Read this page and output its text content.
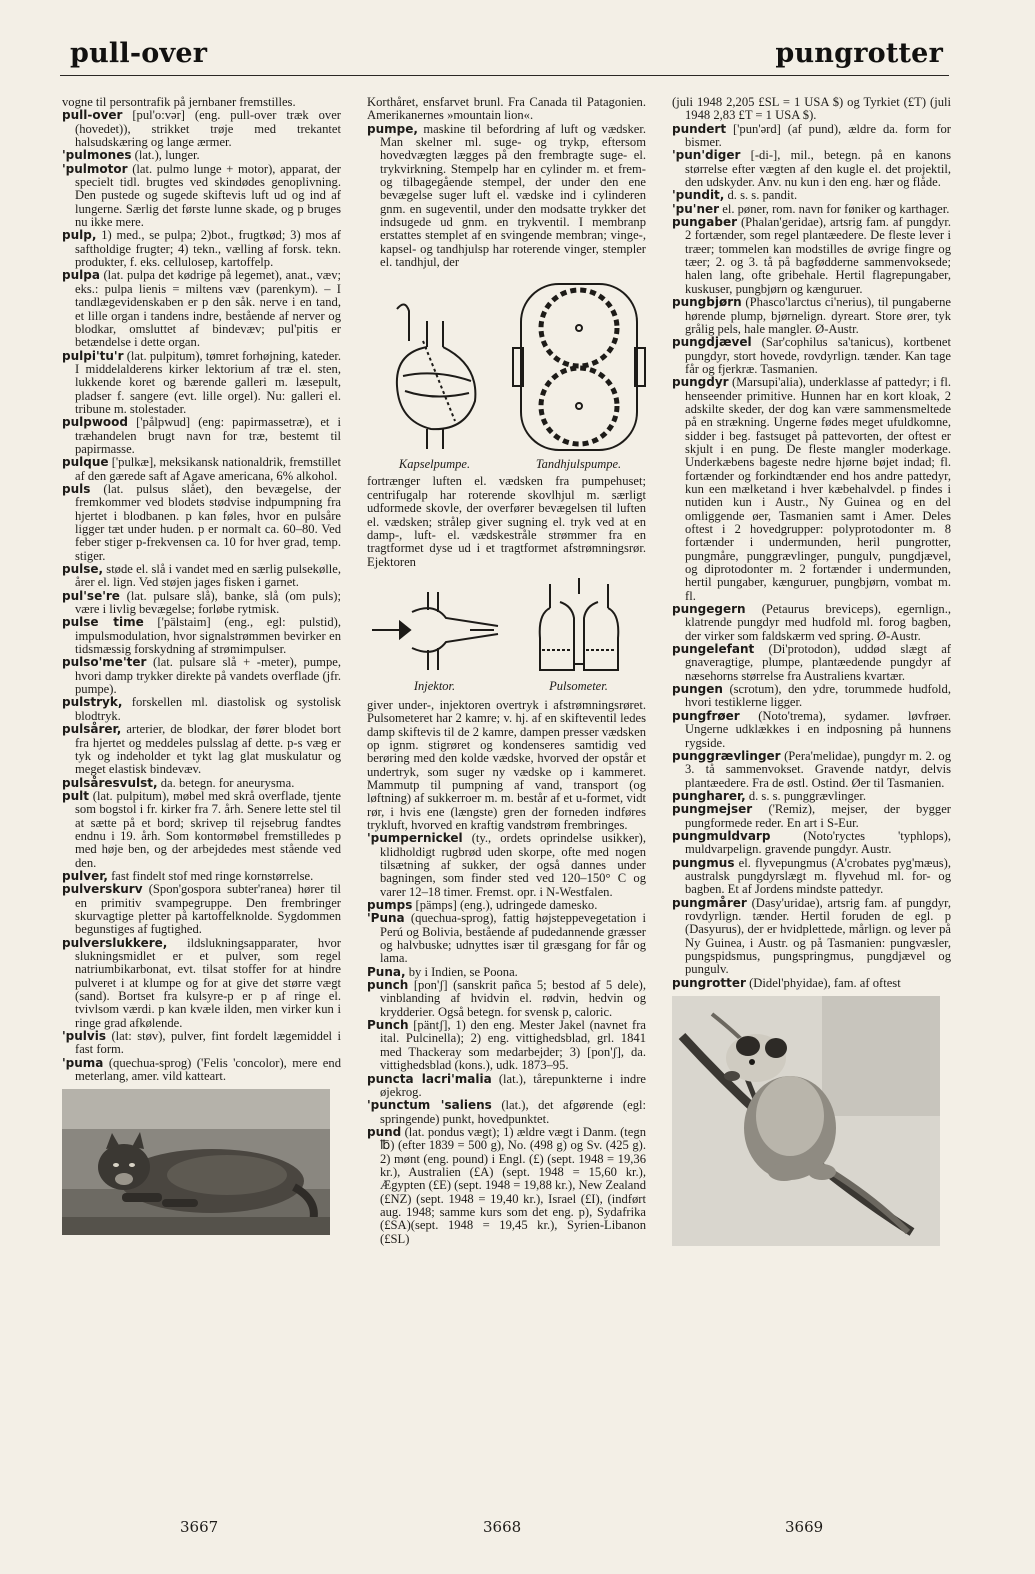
pull-over	pungrotter
vogne til persontrafik på jernbaner fremstilles.
pull-over [pul'o:vər] (eng. pull-over træk over (hovedet)), strikket trøje med trekantet halsudskæring og lange ærmer.
'pulmones (lat.), lunger.
'pulmotor (lat. pulmo lunge + motor), apparat, der specielt tidl. brugtes ved skindødes genoplivning. Den pustede og sugede skiftevis luft ud og ind af lungerne. Særlig det første lunne skade, og p bruges nu ikke mere.
pulp, 1) med., se pulpa; 2)bot., frugtkød; 3) mos af saftholdige frugter; 4) tekn., vælling af forsk. tekn. produkter, f. eks. cellulosep, kartoffelp.
pulpa (lat. pulpa det kødrige på legemet), anat., væv; eks.: pulpa lienis = miltens væv (parenkym). – I tandlægevidenskaben er p den såk. nerve i en tand, et lille organ i tandens indre, bestående af nerver og blodkar, omsluttet af bindevæv; pul'pitis er betændelse i dette organ.
pulpi'tu'r (lat. pulpitum), tømret forhøjning, kateder. I middelalderens kirker lektorium af træ el. sten, lukkende koret og bærende galleri m. læsepult, pladser f. sangere (evt. lille orgel). Nu: galleri el. tribune m. stolestader.
pulpwood ['pålpwud] (eng: papirmassetræ), et i træhandelen brugt navn for træ, bestemt til papirmasse.
pulque ['pulkæ], meksikansk nationaldrik, fremstillet af den gærede saft af Agave americana, 6% alkohol.
puls (lat. pulsus slået), den bevægelse, der fremkommer ved blodets stødvise indpumpning fra hjertet i blodbanen. p kan føles, hvor en pulsåre ligger tæt under huden. p er normalt ca. 60–80. Ved feber stiger p-frekvensen ca. 10 for hver grad, temp. stiger.
pulse, støde el. slå i vandet med en særlig pulsekølle, årer el. lign. Ved støjen jages fisken i garnet.
pul'se're (lat. pulsare slå), banke, slå (om puls); være i livlig bevægelse; forløbe rytmisk.
pulse time ['pälstaim] (eng., egl: pulstid), impulsmodulation, hvor signalstrømmen bevirker en tidsmæssig forskydning af strømimpulser.
pulso'me'ter (lat. pulsare slå + -meter), pumpe, hvori damp trykker direkte på vandets overflade (jfr. pumpe).
pulstryk, forskellen ml. diastolisk og systolisk blodtryk.
pulsårer, arterier, de blodkar, der fører blodet bort fra hjertet og meddeles pulsslag af dette. p-s væg er tyk og indeholder et tykt lag glat muskulatur og meget elastisk bindevæv.
pulsåresvulst, da. betegn. for aneurysma.
pult (lat. pulpitum), møbel med skrå overflade, tjente som bogstol i fr. kirker fra 7. årh. Senere lette stel til at sætte på et bord; skrivep til rejsebrug fandtes endnu i 19. årh. Som kontormøbel fremstilledes p med høje ben, og der arbejdedes mest stående ved den.
pulver, fast findelt stof med ringe kornstørrelse.
pulverskurv (Spon'gospora subter'ranea) hører til en primitiv svampegruppe. Den frembringer skurvagtige pletter på kartoffelknolde. Sygdommen begunstiges af fugtighed.
pulverslukkere, ildslukningsapparater, hvor slukningsmidlet er et pulver, som regel natriumbikarbonat, evt. tilsat stoffer for at hindre pulveret i at klumpe og for at give det større vægt (sand). Bortset fra kulsyre-p er p af ringe el. tvivlsom værdi. p kan kvæle ilden, men virker kun i ringe grad afkølende.
'pulvis (lat: støv), pulver, fint fordelt lægemiddel i fast form.
'puma (quechua-sprog) ('Felis 'concolor), mere end meterlang, amer. vild katteart.
Korthåret, ensfarvet brunl. Fra Canada til Patagonien. Amerikanernes »mountain lion«.
pumpe, maskine til befordring af luft og vædsker. Man skelner ml. suge- og trykp, eftersom hovedvægten lægges på den frembragte suge- el. trykvirkning. Stempelp har en cylinder m. et frem- og tilbagegående stempel, der under den ene bevægelse suger luft el. vædske ind i cylinderen gnm. en sugeventil, under den modsatte trykker det indsugede ud gnm. en trykventil. I membranp erstattes stemplet af en svingende membran; vinge-, kapsel- og tandhjulsp har roterende vinger, stempler el. tandhjul, der
Kapselpumpe.	Tandhjulspumpe.
fortrænger luften el. vædsken fra pumpehuset; centrifugalp har roterende skovlhjul m. særligt udformede skovle, der overfører bevægelsen til luften el. vædsken; strålep giver sugning el. tryk ved at en damp-, luft- el. vædskestråle strømmer fra en tragtformet dyse ud i et tragtformet afstrømningsrør. Ejektoren
Injektor.	Pulsometer.
giver under-, injektoren overtryk i afstrømningsrøret. Pulsometeret har 2 kamre; v. hj. af en skifteventil ledes damp skiftevis til de 2 kamre, dampen presser vædsken op ignm. stigrøret og kondenseres samtidig ved berøring med den kolde vædske, hvorved der opstår et undertryk, som suger ny vædske op i kammeret. Mammutp til pumpning af vand, transport (og løftning) af sukkerroer m. m. består af et u-formet, vidt rør, i hvis ene (længste) gren der forneden indføres trykluft, hvorved en kraftig vandstrøm frembringes.
'pumpernickel (ty., ordets oprindelse usikker), klidholdigt rugbrød uden skorpe, ofte med nogen tilsætning af sukker, der også dannes under bagningen, som finder sted ved 120–150° C og varer 12–18 timer. Fremst. opr. i N-Westfalen.
pumps [pämps] (eng.), udringede damesko.
'Puna (quechua-sprog), fattig højsteppevegetation i Perú og Bolivia, bestående af pudedannende græsser og halvbuske; udnyttes især til græsgang for får og lama.
Puna, by i Indien, se Poona.
punch [pon'ʃ] (sanskrit pañca 5; bestod af 5 dele), vinblanding af hvidvin el. rødvin, hedvin og krydderier. Også betegn. for svensk p, caloric.
Punch [päntʃ], 1) den eng. Mester Jakel (navnet fra ital. Pulcinella); 2) eng. vittighedsblad, grl. 1841 med Thackeray som medarbejder; 3) [pon'ʃ], da. vittighedsblad (kons.), udk. 1873–95.
puncta lacri'malia (lat.), tårepunkterne i indre øjekrog.
'punctum 'saliens (lat.), det afgørende (egl: springende) punkt, hovedpunktet.
pund (lat. pondus vægt); 1) ældre vægt i Danm. (tegn ℔) (efter 1839 = 500 g), No. (498 g) og Sv. (425 g). 2) mønt (eng. pound) i Engl. (£) (sept. 1948 = 19,36 kr.), Australien (£A) (sept. 1948 = 15,60 kr.), Ægypten (£E) (sept. 1948 = 19,88 kr.), New Zealand (£NZ) (sept. 1948 = 19,40 kr.), Israel (£I), (indført aug. 1948; samme kurs som det eng. p), Sydafrika (£SA)(sept. 1948 = 19,45 kr.), Syrien-Libanon (£SL)
(juli 1948 2,205 £SL = 1 USA $) og Tyrkiet (£T) (juli 1948 2,83 £T = 1 USA $).
pundert ['pun'ərd] (af pund), ældre da. form for bismer.
'pun'diger [-di-], mil., betegn. på en kanons størrelse efter vægten af den kugle el. det projektil, den udskyder. Anv. nu kun i den eng. hær og flåde.
'pundit, d. s. s. pandit.
'pu'ner el. pøner, rom. navn for føniker og karthager.
pungaber (Phalan'geridae), artsrig fam. af pungdyr. 2 fortænder, som regel plantæedere. De fleste lever i træer; tommelen kan modstilles de øvrige fingre og tæer; 2. og 3. tå på bagfødderne sammenvoksede; halen lang, ofte gribehale. Hertil flagrepungaber, kuskuser, pungbjørn og kænguruer.
pungbjørn (Phasco'larctus ci'nerius), til pungaberne hørende plump, bjørnelign. dyreart. Store ører, tyk grålig pels, hale mangler. Ø-Austr.
pungdjævel (Sar'cophilus sa'tanicus), kortbenet pungdyr, stort hovede, rovdyrlign. tænder. Kan tage får og fjerkræ. Tasmanien.
pungdyr (Marsupi'alia), underklasse af pattedyr; i fl. henseender primitive. Hunnen har en kort kloak, 2 adskilte skeder, der dog kan være sammensmeltede på en strækning. Ungerne fødes meget ufuldkomne, sidder i beg. fastsuget på pattevorten, der oftest er skjult i en pung. De fleste mangler moderkage. Underkæbens bageste nedre hjørne bøjet indad; fl. fortænder og forkindtænder end hos andre pattedyr, kun een mælketand i hver kæbehalvdel. p findes i nutiden kun i Austr., Ny Guinea og en del omliggende øer, Tasmanien samt i Amer. Deles oftest i 2 hovedgrupper: polyprotodonter m. 8 fortænder i undermunden, heril pungrotter, pungmåre, punggrævlinger, pungulv, pungdjævel, og diprotodonter m. 2 fortænder i undermunden, hertil pungaber, kænguruer, pungbjørn, vombat m. fl.
pungegern (Petaurus breviceps), egernlign., klatrende pungdyr med hudfold ml. forog bagben, der virker som faldskærm ved spring. Ø-Austr.
pungelefant (Di'protodon), uddød slægt af gnaveragtige, plumpe, plantæedende pungdyr af næsehorns størrelse fra Australiens kvartær.
pungen (scrotum), den ydre, torummede hudfold, hvori testiklerne ligger.
pungfrøer (Noto'trema), sydamer. løvfrøer. Ungerne udklækkes i en indposning på hunnens rygside.
punggrævlinger (Pera'melidae), pungdyr m. 2. og 3. tå sammenvokset. Gravende natdyr, delvis plantæedere. Fra de østl. Ostind. Øer til Tasmanien.
pungharer, d. s. s. punggrævlinger.
pungmejser ('Remiz), mejser, der bygger pungformede reder. En art i S-Eur.
pungmuldvarp (Noto'ryctes 'typhlops), muldvarpelign. gravende pungdyr. Austr.
pungmus el. flyvepungmus (A'crobates pyg'mæus), australsk pungdyrslægt m. flyvehud ml. for- og bagben. Et af Jordens mindste pattedyr.
pungmårer (Dasy'uridae), artsrig fam. af pungdyr, rovdyrlign. tænder. Hertil foruden de egl. p (Dasyurus), der er hvidplettede, mårlign. og lever på Ny Guinea, i Austr. og på Tasmanien: pungvæsler, pungspidsmus, pungspringmus, pungdjævel og pungulv.
pungrotter (Didel'phyidae), fam. af oftest
3667	3668	3669
